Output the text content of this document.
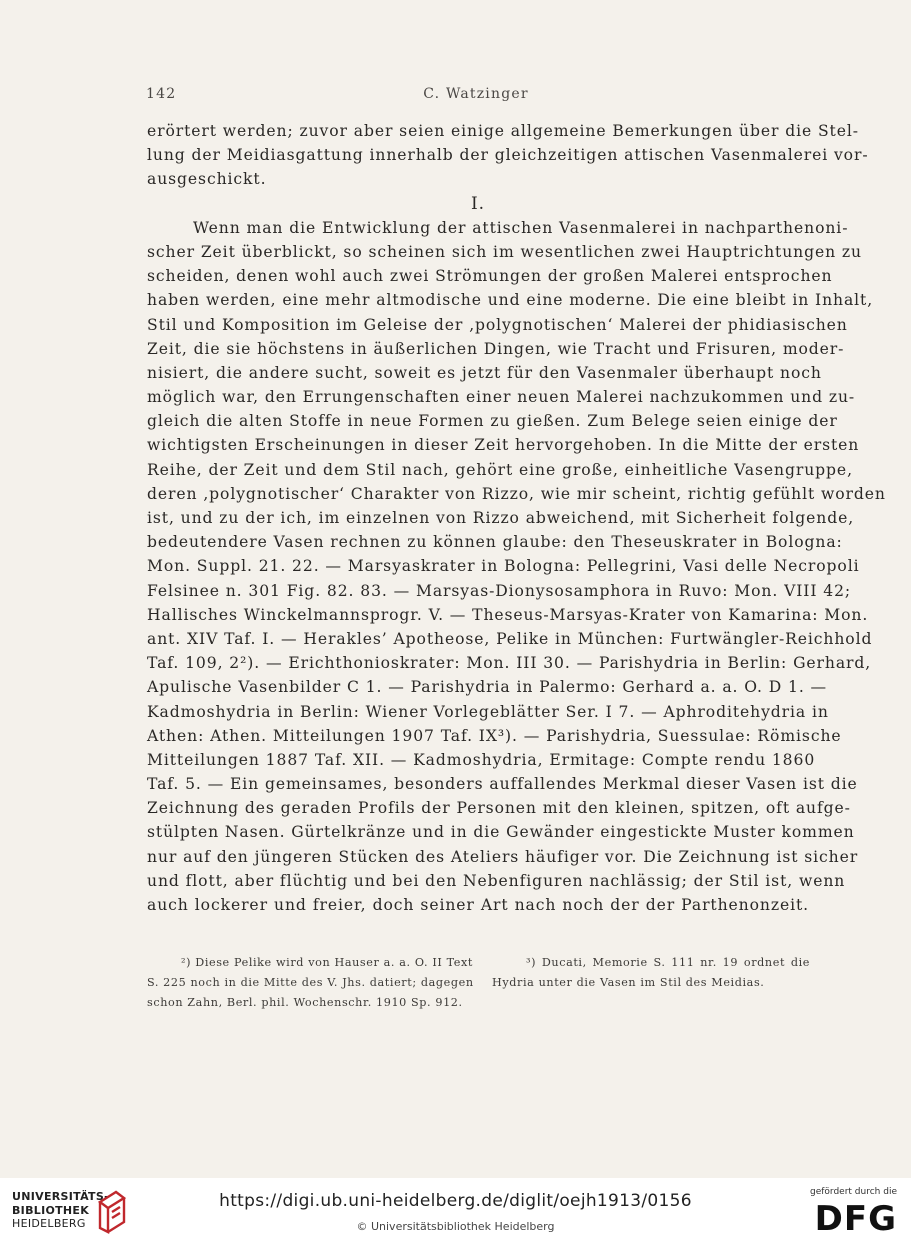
142	C. Watzinger
erörtert werden; zuvor aber seien einige allgemeine Bemerkungen über die Stel-
lung der Meidiasgattung innerhalb der gleichzeitigen attischen Vasenmalerei vor-
ausgeschickt.
I.
Wenn man die Entwicklung der attischen Vasenmalerei in nachparthenoni-
scher Zeit überblickt, so scheinen sich im wesentlichen zwei Hauptrichtungen zu
scheiden, denen wohl auch zwei Strömungen der großen Malerei entsprochen
haben werden, eine mehr altmodische und eine moderne. Die eine bleibt in Inhalt,
Stil und Komposition im Geleise der ‚polygnotischen‘ Malerei der phidiasischen
Zeit, die sie höchstens in äußerlichen Dingen, wie Tracht und Frisuren, moder-
nisiert, die andere sucht, soweit es jetzt für den Vasenmaler überhaupt noch
möglich war, den Errungenschaften einer neuen Malerei nachzukommen und zu-
gleich die alten Stoffe in neue Formen zu gießen. Zum Belege seien einige der
wichtigsten Erscheinungen in dieser Zeit hervorgehoben. In die Mitte der ersten
Reihe, der Zeit und dem Stil nach, gehört eine große, einheitliche Vasengruppe,
deren ‚polygnotischer‘ Charakter von Rizzo, wie mir scheint, richtig gefühlt worden
ist, und zu der ich, im einzelnen von Rizzo abweichend, mit Sicherheit folgende,
bedeutendere Vasen rechnen zu können glaube: den Theseuskrater in Bologna:
Mon. Suppl. 21. 22. — Marsyaskrater in Bologna: Pellegrini, Vasi delle Necropoli
Felsinee n. 301 Fig. 82. 83. — Marsyas-Dionysosamphora in Ruvo: Mon. VIII 42;
Hallisches Winckelmannsprogr. V. — Theseus-Marsyas-Krater von Kamarina: Mon.
ant. XIV Taf. I. — Herakles’ Apotheose, Pelike in München: Furtwängler-Reichhold
Taf. 109, 2²). — Erichthonioskrater: Mon. III 30. — Parishydria in Berlin: Gerhard,
Apulische Vasenbilder C 1. — Parishydria in Palermo: Gerhard a. a. O. D 1. —
Kadmoshydria in Berlin: Wiener Vorlegeblätter Ser. I 7. — Aphroditehydria in
Athen: Athen. Mitteilungen 1907 Taf. IX³). — Parishydria, Suessulae: Römische
Mitteilungen 1887 Taf. XII. — Kadmoshydria, Ermitage: Compte rendu 1860
Taf. 5. — Ein gemeinsames, besonders auffallendes Merkmal dieser Vasen ist die
Zeichnung des geraden Profils der Personen mit den kleinen, spitzen, oft aufge-
stülpten Nasen. Gürtelkränze und in die Gewänder eingestickte Muster kommen
nur auf den jüngeren Stücken des Ateliers häufiger vor. Die Zeichnung ist sicher
und flott, aber flüchtig und bei den Nebenfiguren nachlässig; der Stil ist, wenn
auch lockerer und freier, doch seiner Art nach noch der der Parthenonzeit.
²) Diese Pelike wird von Hauser a. a. O. II Text
S. 225 noch in die Mitte des V. Jhs. datiert; dagegen
schon Zahn, Berl. phil. Wochenschr. 1910 Sp. 912.
³) Ducati, Memorie S. 111 nr. 19 ordnet die
Hydria unter die Vasen im Stil des Meidias.
UNIVERSITÄTS-
BIBLIOTHEK
HEIDELBERG
https://digi.ub.uni-heidelberg.de/diglit/oejh1913/0156
© Universitätsbibliothek Heidelberg
gefördert durch die
DFG
